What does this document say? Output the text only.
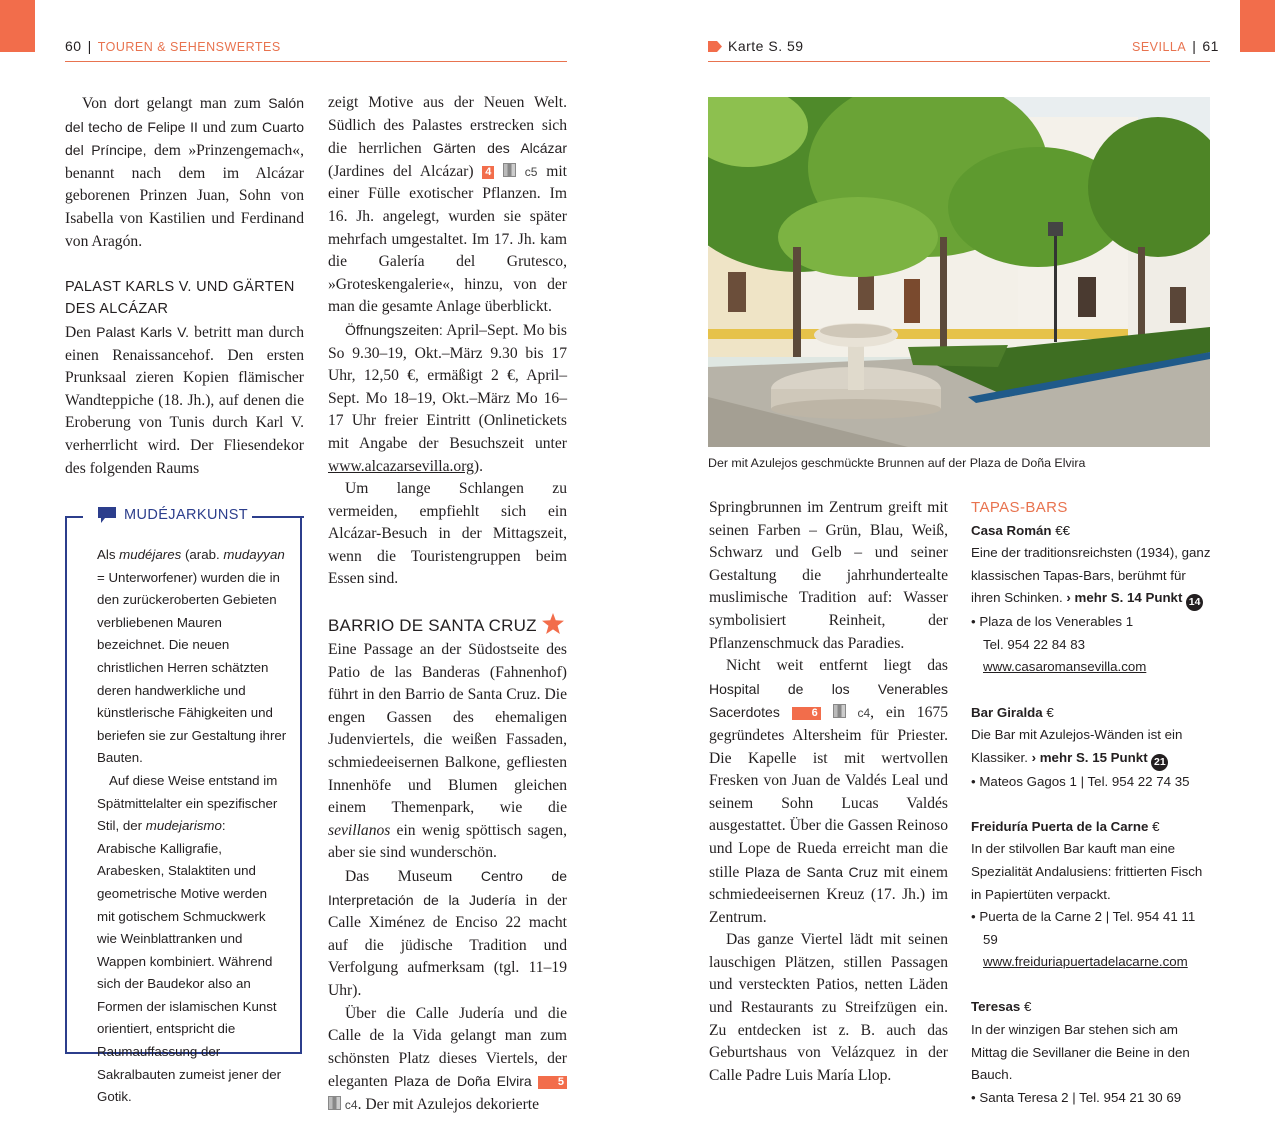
60 | TOUREN & SEHENSWERTES	Karte S. 59	SEVILLA | 61

Von dort gelangt man zum Salón del techo de Felipe II und zum Cuarto del Príncipe, dem »Prinzengemach«, benannt nach dem im Alcázar geborenen Prinzen Juan, Sohn von Isabella von Kastilien und Ferdinand von Aragón.

PALAST KARLS V. UND GÄRTEN DES ALCÁZAR

Den Palast Karls V. betritt man durch einen Renaissancehof. Den ersten Prunksaal zieren Kopien flämischer Wandteppiche (18. Jh.), auf denen die Eroberung von Tunis durch Karl V. verherrlicht wird. Der Fliesendekor des folgenden Raums

MUDÉJARKUNST

Als mudéjares (arab. mudayyan = Unterworfener) wurden die in den zurückeroberten Gebieten verbliebenen Mauren bezeichnet. Die neuen christlichen Herren schätzten deren handwerkliche und künstlerische Fähigkeiten und beriefen sie zur Gestaltung ihrer Bauten.

Auf diese Weise entstand im Spätmittelalter ein spezifischer Stil, der mudejarismo: Arabische Kalligrafie, Arabesken, Stalaktiten und geometrische Motive werden mit gotischem Schmuckwerk wie Weinblattranken und Wappen kombiniert. Während sich der Baudekor also an Formen der islamischen Kunst orientiert, entspricht die Raumauffassung der Sakralbauten zumeist jener der Gotik.

zeigt Motive aus der Neuen Welt. Südlich des Palastes erstrecken sich die herrlichen Gärten des Alcázar (Jardines del Alcázar) 4	c5 mit einer Fülle exotischer Pflanzen. Im 16. Jh. angelegt, wurden sie später mehrfach umgestaltet. Im 17. Jh. kam die Galería del Grutesco, »Groteskengalerie«, hinzu, von der man die gesamte Anlage überblickt.

Öffnungszeiten: April–Sept. Mo bis So 9.30–19, Okt.–März 9.30 bis 17 Uhr, 12,50 €, ermäßigt 2 €, April–Sept. Mo 18–19, Okt.–März Mo 16–17 Uhr freier Eintritt (Onlinetickets mit Angabe der Besuchszeit unter www.alcazarsevilla.org).

Um lange Schlangen zu vermeiden, empfiehlt sich ein Alcázar-Besuch in der Mittagszeit, wenn die Touristengruppen beim Essen sind.

BARRIO DE SANTA CRUZ

Eine Passage an der Südostseite des Patio de las Banderas (Fahnenhof) führt in den Barrio de Santa Cruz. Die engen Gassen des ehemaligen Judenviertels, die weißen Fassaden, schmiedeeisernen Balkone, gefliesten Innenhöfe und Blumen gleichen einem Themenpark, wie die sevillanos ein wenig spöttisch sagen, aber sie sind wunderschön.

Das Museum Centro de Interpretación de la Judería in der Calle Ximénez de Enciso 22 macht auf die jüdische Tradition und Verfolgung aufmerksam (tgl. 11–19 Uhr).

Über die Calle Judería und die Calle de la Vida gelangt man zum schönsten Platz dieses Viertels, der eleganten Plaza de Doña Elvira 5  c4. Der mit Azulejos dekorierte

Der mit Azulejos geschmückte Brunnen auf der Plaza de Doña Elvira

Springbrunnen im Zentrum greift mit seinen Farben – Grün, Blau, Weiß, Schwarz und Gelb – und seiner Gestaltung die jahrhundertealte muslimische Tradition auf: Wasser symbolisiert Reinheit, der Pflanzenschmuck das Paradies.

Nicht weit entfernt liegt das Hospital de los Venerables Sacerdotes	6	c4, ein 1675 gegründetes Altersheim für Priester. Die Kapelle ist mit wertvollen Fresken von Juan de Valdés Leal und seinem Sohn Lucas Valdés ausgestattet. Über die Gassen Reinoso und Lope de Rueda erreicht man die stille Plaza de Santa Cruz mit einem schmiedeeisernen Kreuz (17. Jh.) im Zentrum.

Das ganze Viertel lädt mit seinen lauschigen Plätzen, stillen Passagen und versteckten Patios, netten Läden und Restaurants zu Streifzügen ein. Zu entdecken ist z. B. auch das Geburtshaus von Velázquez in der Calle Padre Luis María Llop.

TAPAS-BARS

Casa Román €€

Eine der traditionsreichsten (1934), ganz klassischen Tapas-Bars, berühmt für ihren Schinken. › mehr S. 14 Punkt 14

• Plaza de los Venerables 1

Tel. 954 22 84 83

www.casaromansevilla.com

Bar Giralda €

Die Bar mit Azulejos-Wänden ist ein Klassiker. › mehr S. 15 Punkt 21

• Mateos Gagos 1 | Tel. 954 22 74 35

Freiduría Puerta de la Carne €

In der stilvollen Bar kauft man eine Spezialität Andalusiens: frittierten Fisch in Papiertüten verpackt.

• Puerta de la Carne 2 | Tel. 954 41 11 59

www.freiduriapuertadelacarne.com

Teresas €

In der winzigen Bar stehen sich am Mittag die Sevillaner die Beine in den Bauch.

• Santa Teresa 2 | Tel. 954 21 30 69
